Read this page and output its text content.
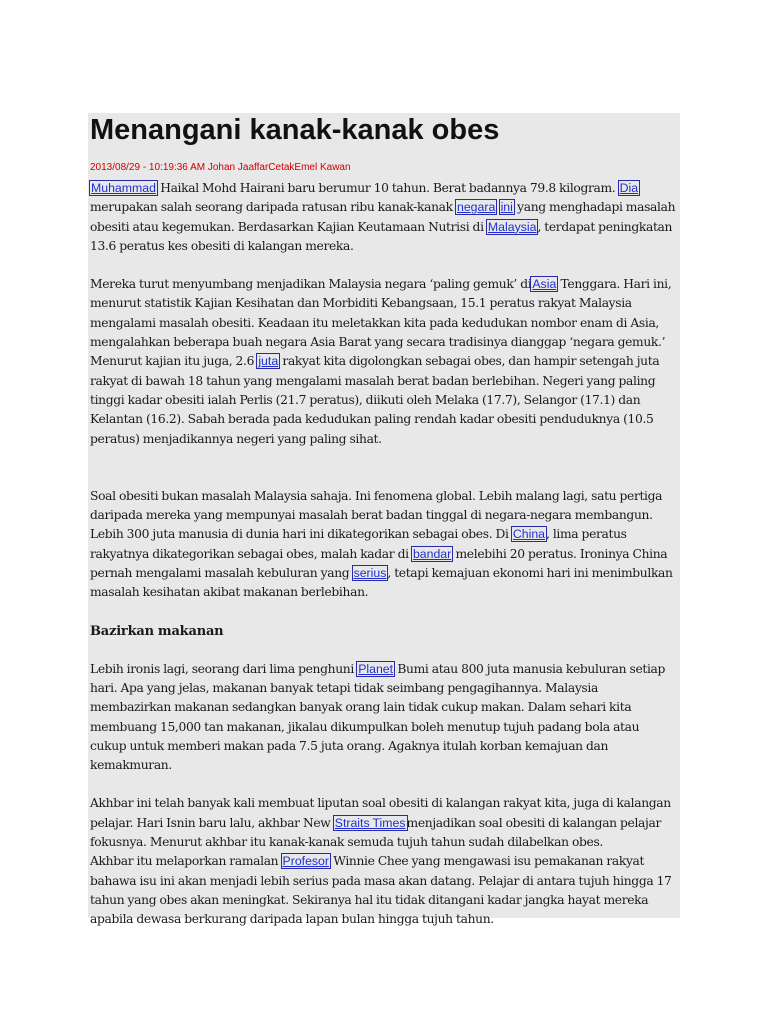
Menangani kanak-kanak obes
2013/08/29 - 10:19:36 AM Johan JaaffarCetakEmel Kawan

Muhammad Haikal Mohd Hairani baru berumur 10 tahun. Berat badannya 79.8 kilogram. Dia merupakan salah seorang daripada ratusan ribu kanak-kanak negara ini yang menghadapi masalah obesiti atau kegemukan. Berdasarkan Kajian Keutamaan Nutrisi di Malaysia, terdapat peningkatan 13.6 peratus kes obesiti di kalangan mereka.

Mereka turut menyumbang menjadikan Malaysia negara ‘paling gemuk’ diAsia Tenggara. Hari ini, menurut statistik Kajian Kesihatan dan Morbiditi Kebangsaan, 15.1 peratus rakyat Malaysia mengalami masalah obesiti. Keadaan itu meletakkan kita pada kedudukan nombor enam di Asia, mengalahkan beberapa buah negara Asia Barat yang secara tradisinya dianggap ‘negara gemuk.’ Menurut kajian itu juga, 2.6 juta rakyat kita digolongkan sebagai obes, dan hampir setengah juta rakyat di bawah 18 tahun yang mengalami masalah berat badan berlebihan. Negeri yang paling tinggi kadar obesiti ialah Perlis (21.7 peratus), diikuti oleh Melaka (17.7), Selangor (17.1) dan Kelantan (16.2). Sabah berada pada kedudukan paling rendah kadar obesiti penduduknya (10.5 peratus) menjadikannya negeri yang paling sihat.

Soal obesiti bukan masalah Malaysia sahaja. Ini fenomena global. Lebih malang lagi, satu pertiga daripada mereka yang mempunyai masalah berat badan tinggal di negara-negara membangun. Lebih 300 juta manusia di dunia hari ini dikategorikan sebagai obes. Di China, lima peratus rakyatnya dikategorikan sebagai obes, malah kadar di bandar melebihi 20 peratus. Ironinya China pernah mengalami masalah kebuluran yang serius, tetapi kemajuan ekonomi hari ini menimbulkan masalah kesihatan akibat makanan berlebihan.

Bazirkan makanan

Lebih ironis lagi, seorang dari lima penghuni Planet Bumi atau 800 juta manusia kebuluran setiap hari. Apa yang jelas, makanan banyak tetapi tidak seimbang pengagihannya. Malaysia membazirkan makanan sedangkan banyak orang lain tidak cukup makan. Dalam sehari kita membuang 15,000 tan makanan, jikalau dikumpulkan boleh menutup tujuh padang bola atau cukup untuk memberi makan pada 7.5 juta orang. Agaknya itulah korban kemajuan dan kemakmuran.

Akhbar ini telah banyak kali membuat liputan soal obesiti di kalangan rakyat kita, juga di kalangan pelajar. Hari Isnin baru lalu, akhbar New Straits Timesmenjadikan soal obesiti di kalangan pelajar fokusnya. Menurut akhbar itu kanak-kanak semuda tujuh tahun sudah dilabelkan obes.

Akhbar itu melaporkan ramalan Profesor Winnie Chee yang mengawasi isu pemakanan rakyat bahawa isu ini akan menjadi lebih serius pada masa akan datang. Pelajar di antara tujuh hingga 17 tahun yang obes akan meningkat. Sekiranya hal itu tidak ditangani kadar jangka hayat mereka apabila dewasa berkurang daripada lapan bulan hingga tujuh tahun.
